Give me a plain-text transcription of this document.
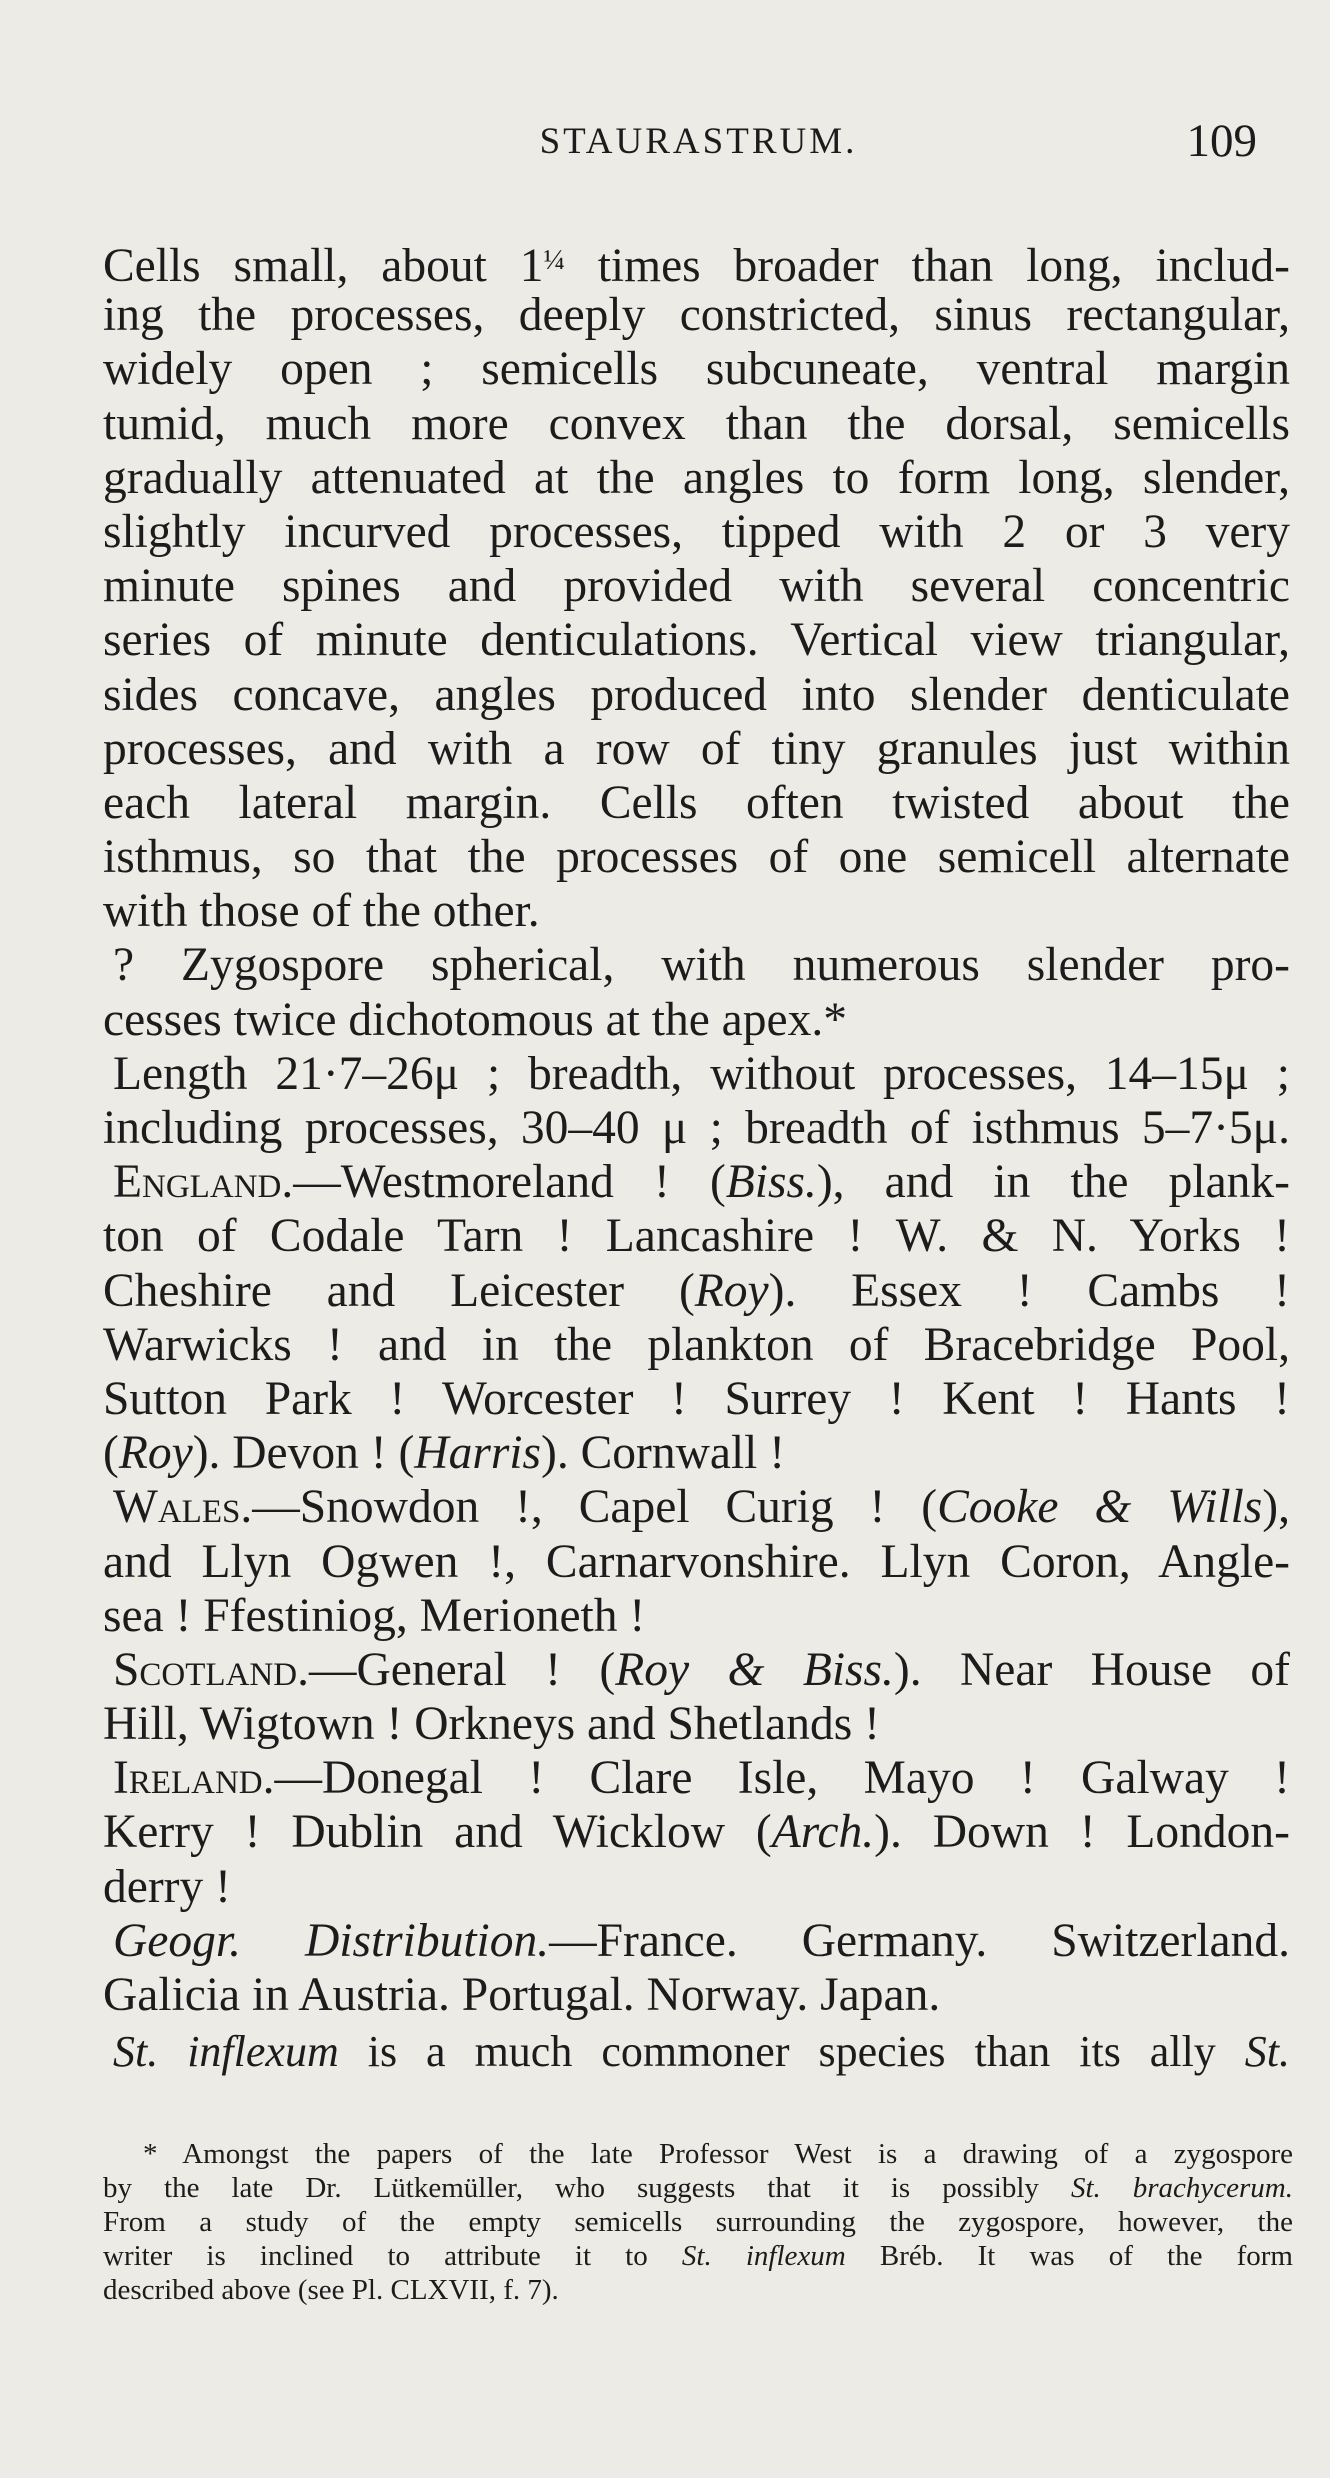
STAURASTRUM.	109

Cells small, about $1^{\frac{1}{4}}$ times broader than long, includ-
ing the processes, deeply constricted, sinus rectangular,
widely open ; semicells subcuneate, ventral margin
tumid, much more convex than the dorsal, semicells
gradually attenuated at the angles to form long, slender,
slightly incurved processes, tipped with 2 or 3 very
minute spines and provided with several concentric
series of minute denticulations. Vertical view triangular,
sides concave, angles produced into slender denticulate
processes, and with a row of tiny granules just within
each lateral margin. Cells often twisted about the
isthmus, so that the processes of one semicell alternate
with those of the other.

? Zygospore spherical, with numerous slender pro-
cesses twice dichotomous at the apex.*

Length 21·7–26μ ; breadth, without processes, 14–15μ ;
including processes, 30–40 μ ; breadth of isthmus 5–7·5μ.

England.—Westmoreland ! (Biss.), and in the plank-
ton of Codale Tarn ! Lancashire ! W. & N. Yorks !
Cheshire and Leicester (Roy). Essex ! Cambs !
Warwicks ! and in the plankton of Bracebridge Pool,
Sutton Park ! Worcester ! Surrey ! Kent ! Hants !
(Roy). Devon ! (Harris). Cornwall !

Wales.—Snowdon !, Capel Curig ! (Cooke & Wills),
and Llyn Ogwen !, Carnarvonshire. Llyn Coron, Angle-
sea ! Ffestiniog, Merioneth !

Scotland.—General ! (Roy & Biss.). Near House of
Hill, Wigtown ! Orkneys and Shetlands !

Ireland.—Donegal ! Clare Isle, Mayo ! Galway !
Kerry ! Dublin and Wicklow (Arch.). Down ! London-
derry !

Geogr. Distribution.—France. Germany. Switzerland.
Galicia in Austria. Portugal. Norway. Japan.

St. inflexum is a much commoner species than its ally St.
* Amongst the papers of the late Professor West is a drawing of a zygospore
by the late Dr. Lütkemüller, who suggests that it is possibly St. brachycerum.
From a study of the empty semicells surrounding the zygospore, however, the
writer is inclined to attribute it to St. inflexum Bréb. It was of the form
described above (see Pl. CLXVII, f. 7).
